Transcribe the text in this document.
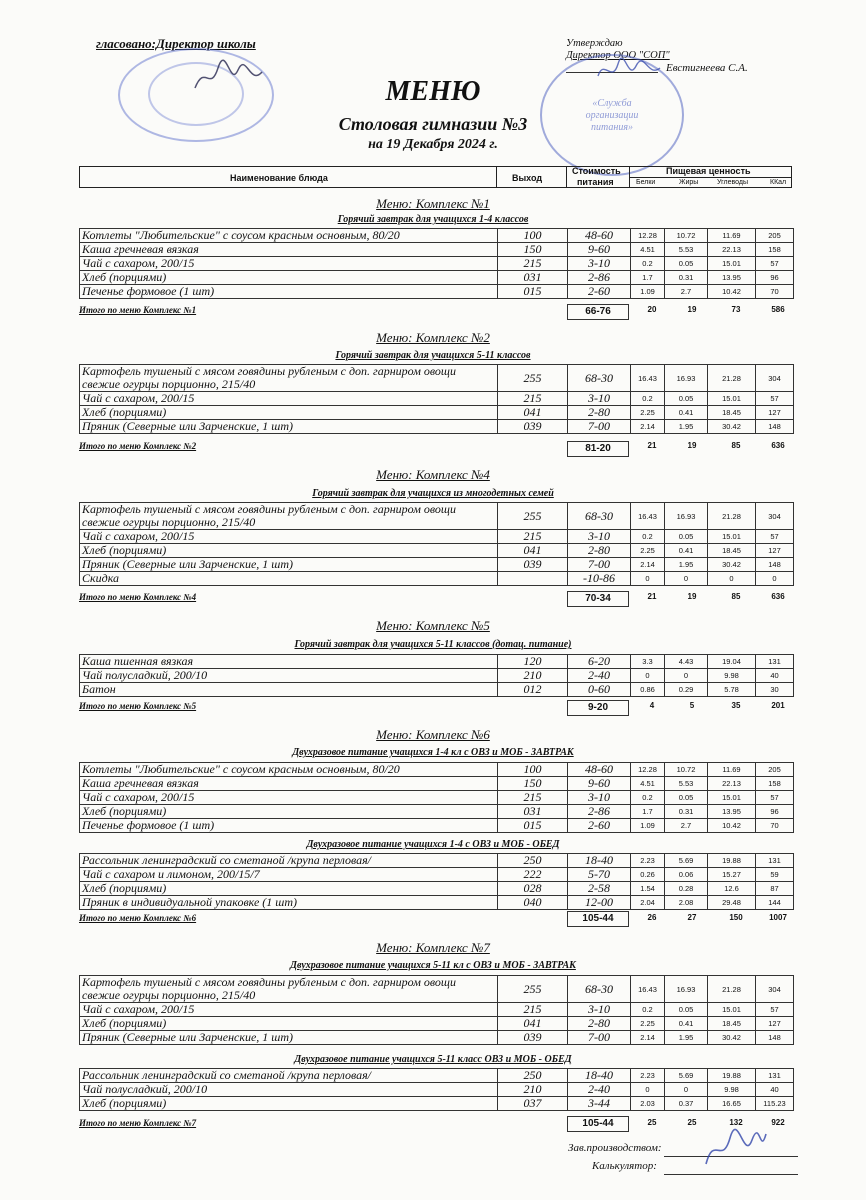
гласовано:Директор школы	Утверждаю
Директор ООО "СОП"
Евстигнеева С.А.
«Служба организации питания»
МЕНЮ
Столовая гимназии №3
на 19 Декабря 2024 г.
Наименование блюда	Выход
Стоимость
питания
Пищевая ценность
Белки	Жиры	Углеводы	ККал
Меню: Комплекс №1
Горячий завтрак для учащихся 1-4 классов
Котлеты "Любительские" с соусом красным основным, 80/20	100	48-60	12.28	10.72	11.69	205
Каша гречневая вязкая	150	9-60	4.51	5.53	22.13	158
Чай с сахаром, 200/15	215	3-10	0.2	0.05	15.01	57
Хлеб (порциями)	031	2-86	1.7	0.31	13.95	96
Печенье формовое (1 шт)	015	2-60	1.09	2.7	10.42	70
Итого по меню Комплекс №1	66-76	20	19	73	586
Меню: Комплекс №2
Горячий завтрак для учащихся 5-11 классов
Картофель тушеный с мясом говядины рубленым с доп. гарниром овощи свежие огурцы порционно, 215/40	255	68-30	16.43	16.93	21.28	304
Чай с сахаром, 200/15	215	3-10	0.2	0.05	15.01	57
Хлеб (порциями)	041	2-80	2.25	0.41	18.45	127
Пряник (Северные или Зарченские, 1 шт)	039	7-00	2.14	1.95	30.42	148
Итого по меню Комплекс №2	81-20	21	19	85	636
Меню: Комплекс №4
Горячий завтрак для учащихся из многодетных семей
Картофель тушеный с мясом говядины рубленым с доп. гарниром овощи свежие огурцы порционно, 215/40	255	68-30	16.43	16.93	21.28	304
Чай с сахаром, 200/15	215	3-10	0.2	0.05	15.01	57
Хлеб (порциями)	041	2-80	2.25	0.41	18.45	127
Пряник (Северные или Зарченские, 1 шт)	039	7-00	2.14	1.95	30.42	148
Скидка		-10-86	0	0	0	0
Итого по меню Комплекс №4	70-34	21	19	85	636
Меню: Комплекс №5
Горячий завтрак для учащихся 5-11 классов (дотац. питание)
Каша пшенная вязкая	120	6-20	3.3	4.43	19.04	131
Чай полусладкий, 200/10	210	2-40	0	0	9.98	40
Батон	012	0-60	0.86	0.29	5.78	30
Итого по меню Комплекс №5	9-20	4	5	35	201
Меню: Комплекс №6
Двухразовое питание учащихся 1-4 кл с ОВЗ и МОБ - ЗАВТРАК
Котлеты "Любительские" с соусом красным основным, 80/20	100	48-60	12.28	10.72	11.69	205
Каша гречневая вязкая	150	9-60	4.51	5.53	22.13	158
Чай с сахаром, 200/15	215	3-10	0.2	0.05	15.01	57
Хлеб (порциями)	031	2-86	1.7	0.31	13.95	96
Печенье формовое (1 шт)	015	2-60	1.09	2.7	10.42	70
Двухразовое питание учащихся 1-4 с ОВЗ и МОБ - ОБЕД
Рассольник ленинградский со сметаной /крупа перловая/	250	18-40	2.23	5.69	19.88	131
Чай с сахаром и лимоном, 200/15/7	222	5-70	0.26	0.06	15.27	59
Хлеб (порциями)	028	2-58	1.54	0.28	12.6	87
Пряник в индивидуальной упаковке (1 шт)	040	12-00	2.04	2.08	29.48	144
Итого по меню Комплекс №6	105-44	26	27	150	1007
Меню: Комплекс №7
Двухразовое питание учащихся 5-11 кл с ОВЗ и МОБ - ЗАВТРАК
Картофель тушеный с мясом говядины рубленым с доп. гарниром овощи свежие огурцы порционно, 215/40	255	68-30	16.43	16.93	21.28	304
Чай с сахаром, 200/15	215	3-10	0.2	0.05	15.01	57
Хлеб (порциями)	041	2-80	2.25	0.41	18.45	127
Пряник (Северные или Зарченские, 1 шт)	039	7-00	2.14	1.95	30.42	148
Двухразовое питание учащихся 5-11 класс ОВЗ и МОБ - ОБЕД
Рассольник ленинградский со сметаной /крупа перловая/	250	18-40	2.23	5.69	19.88	131
Чай полусладкий, 200/10	210	2-40	0	0	9.98	40
Хлеб (порциями)	037	3-44	2.03	0.37	16.65	115.23
Итого по меню Комплекс №7	105-44	25	25	132	922
Зав.производством:
Калькулятор:
